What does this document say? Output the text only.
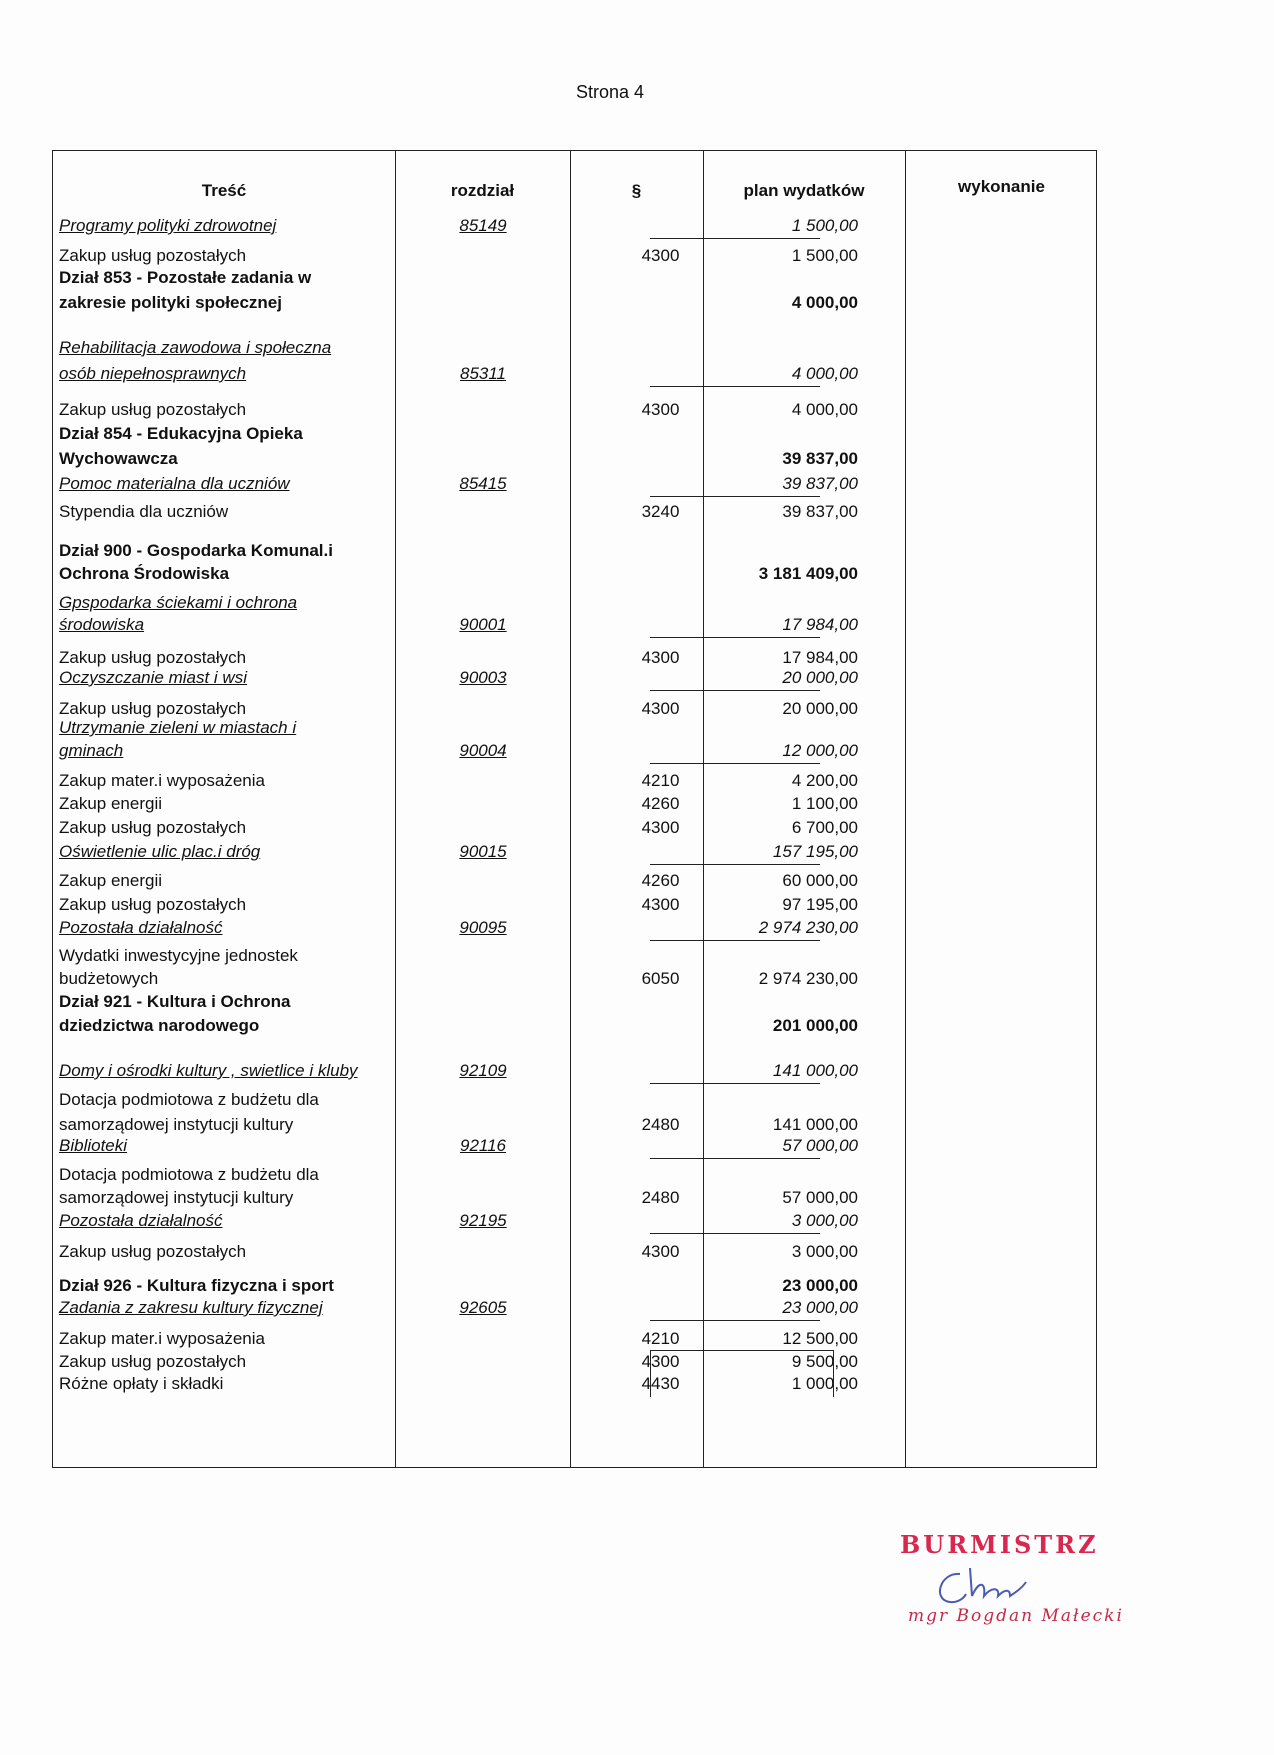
Strona 4
Treść	rozdział	§	plan wydatków	wykonanie
Programy polityki zdrowotnej	85149	1 500,00
Zakup usług pozostałych	4300	1 500,00
Dział 853 - Pozostałe zadania w
zakresie polityki społecznej	4 000,00
Rehabilitacja zawodowa i społeczna
osób niepełnosprawnych	85311	4 000,00
Zakup usług pozostałych	4300	4 000,00
Dział 854 - Edukacyjna Opieka
Wychowawcza	39 837,00
Pomoc materialna dla uczniów	85415	39 837,00
Stypendia dla uczniów	3240	39 837,00
Dział 900 - Gospodarka Komunal.i
Ochrona Środowiska	3 181 409,00
Gpspodarka ściekami i ochrona
środowiska	90001	17 984,00
Zakup usług pozostałych	4300	17 984,00
Oczyszczanie miast i wsi	90003	20 000,00
Zakup usług pozostałych	4300	20 000,00
Utrzymanie zieleni w miastach i
gminach	90004	12 000,00
Zakup mater.i wyposażenia	4210	4 200,00
Zakup energii	4260	1 100,00
Zakup usług pozostałych	4300	6 700,00
Oświetlenie ulic plac.i dróg	90015	157 195,00
Zakup energii	4260	60 000,00
Zakup usług pozostałych	4300	97 195,00
Pozostała działalność	90095	2 974 230,00
Wydatki inwestycyjne jednostek
budżetowych	6050	2 974 230,00
Dział 921 - Kultura i Ochrona
dziedzictwa narodowego	201 000,00
Domy i ośrodki kultury , swietlice i kluby	92109	141 000,00
Dotacja podmiotowa z budżetu dla
samorządowej instytucji kultury	2480	141 000,00
Biblioteki	92116	57 000,00
Dotacja podmiotowa z budżetu dla
samorządowej instytucji kultury	2480	57 000,00
Pozostała działalność	92195	3 000,00
Zakup usług pozostałych	4300	3 000,00
Dział 926 - Kultura fizyczna i sport	23 000,00
Zadania z zakresu kultury fizycznej	92605	23 000,00
Zakup mater.i wyposażenia	4210	12 500,00
Zakup usług pozostałych	4300	9 500,00
Różne opłaty i składki	4430	1 000,00
BURMISTRZ
mgr Bogdan Małecki
